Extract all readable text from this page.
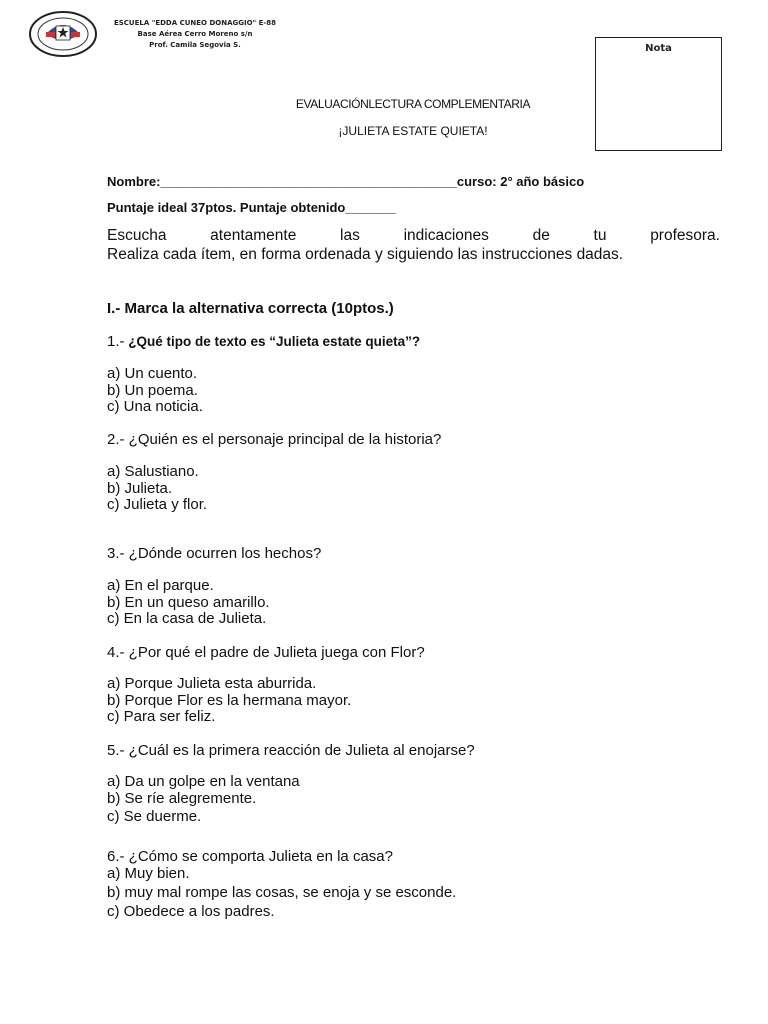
ESCUELA "EDDA CUNEO DONAGGIO" E-88
Base Aérea Cerro Moreno s/n
Prof. Camila Segovia S.	Nota
EVALUACIÓNLECTURA COMPLEMENTARIA
¡JULIETA ESTATE QUIETA!
Nombre:_________________________________________curso: 2° año básico
Puntaje ideal 37ptos. Puntaje obtenido_______
Escucha	atentamente	las	indicaciones	de	tu	profesora.
Realiza cada ítem, en forma ordenada y siguiendo las instrucciones dadas.
I.- Marca la alternativa correcta (10ptos.)
1.- ¿Qué tipo de texto es “Julieta estate quieta”?
a) Un cuento.
b) Un poema.
c) Una noticia.
2.- ¿Quién es el personaje principal de la historia?
a) Salustiano.
b) Julieta.
c) Julieta y flor.
3.- ¿Dónde ocurren los hechos?
a) En el parque.
b) En un queso amarillo.
c) En la casa de Julieta.
4.- ¿Por qué el padre de Julieta juega con Flor?
a) Porque Julieta esta aburrida.
b) Porque Flor es la hermana mayor.
c) Para ser feliz.
5.- ¿Cuál es la primera reacción de Julieta al enojarse?
a) Da un golpe en la ventana
b) Se ríe alegremente.
c) Se duerme.
6.- ¿Cómo se comporta Julieta en la casa?
a) Muy bien.
b) muy mal rompe las cosas, se enoja y se esconde.
c) Obedece a los padres.
